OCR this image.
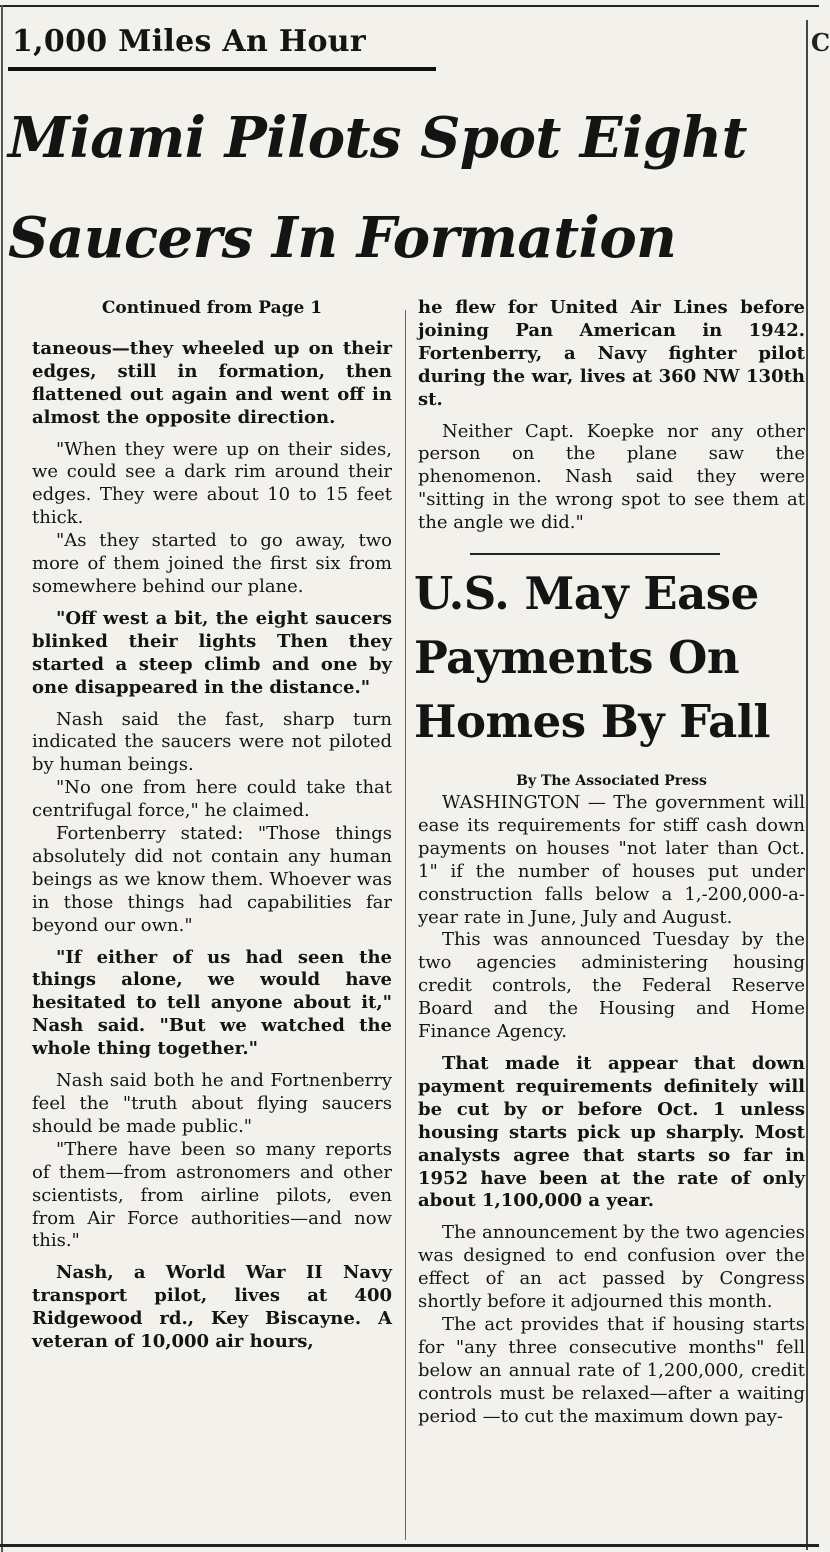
C
1,000 Miles An Hour
Miami Pilots Spot Eight
Saucers In Formation

Continued from Page 1

taneous—they wheeled up on their edges, still in formation, then flattened out again and went off in almost the opposite direction.

"When they were up on their sides, we could see a dark rim around their edges. They were about 10 to 15 feet thick.

"As they started to go away, two more of them joined the first six from somewhere behind our plane.

"Off west a bit, the eight saucers blinked their lights Then they started a steep climb and one by one disappeared in the distance."

Nash said the fast, sharp turn indicated the saucers were not piloted by human beings.

"No one from here could take that centrifugal force," he claimed.

Fortenberry stated: "Those things absolutely did not contain any human beings as we know them. Whoever was in those things had capabilities far beyond our own."

"If either of us had seen the things alone, we would have hesitated to tell anyone about it," Nash said. "But we watched the whole thing together."

Nash said both he and Fortnenberry feel the "truth about flying saucers should be made public."

"There have been so many reports of them—from astronomers and other scientists, from airline pilots, even from Air Force authorities—and now this."

Nash, a World War II Navy transport pilot, lives at 400 Ridgewood rd., Key Biscayne. A veteran of 10,000 air hours,

he flew for United Air Lines before joining Pan American in 1942. Fortenberry, a Navy fighter pilot during the war, lives at 360 NW 130th st.

Neither Capt. Koepke nor any other person on the plane saw the phenomenon. Nash said they were "sitting in the wrong spot to see them at the angle we did."

U.S. May Ease
Payments On
Homes By Fall

By The Associated Press

WASHINGTON — The government will ease its requirements for stiff cash down payments on houses "not later than Oct. 1" if the number of houses put under construction falls below a 1,-200,000-a-year rate in June, July and August.

This was announced Tuesday by the two agencies administering housing credit controls, the Federal Reserve Board and the Housing and Home Finance Agency.

That made it appear that down payment requirements definitely will be cut by or before Oct. 1 unless housing starts pick up sharply. Most analysts agree that starts so far in 1952 have been at the rate of only about 1,100,000 a year.

The announcement by the two agencies was designed to end confusion over the effect of an act passed by Congress shortly before it adjourned this month.

The act provides that if housing starts for "any three consecutive months" fell below an annual rate of 1,200,000, credit controls must be relaxed—after a waiting period —to cut the maximum down pay-
